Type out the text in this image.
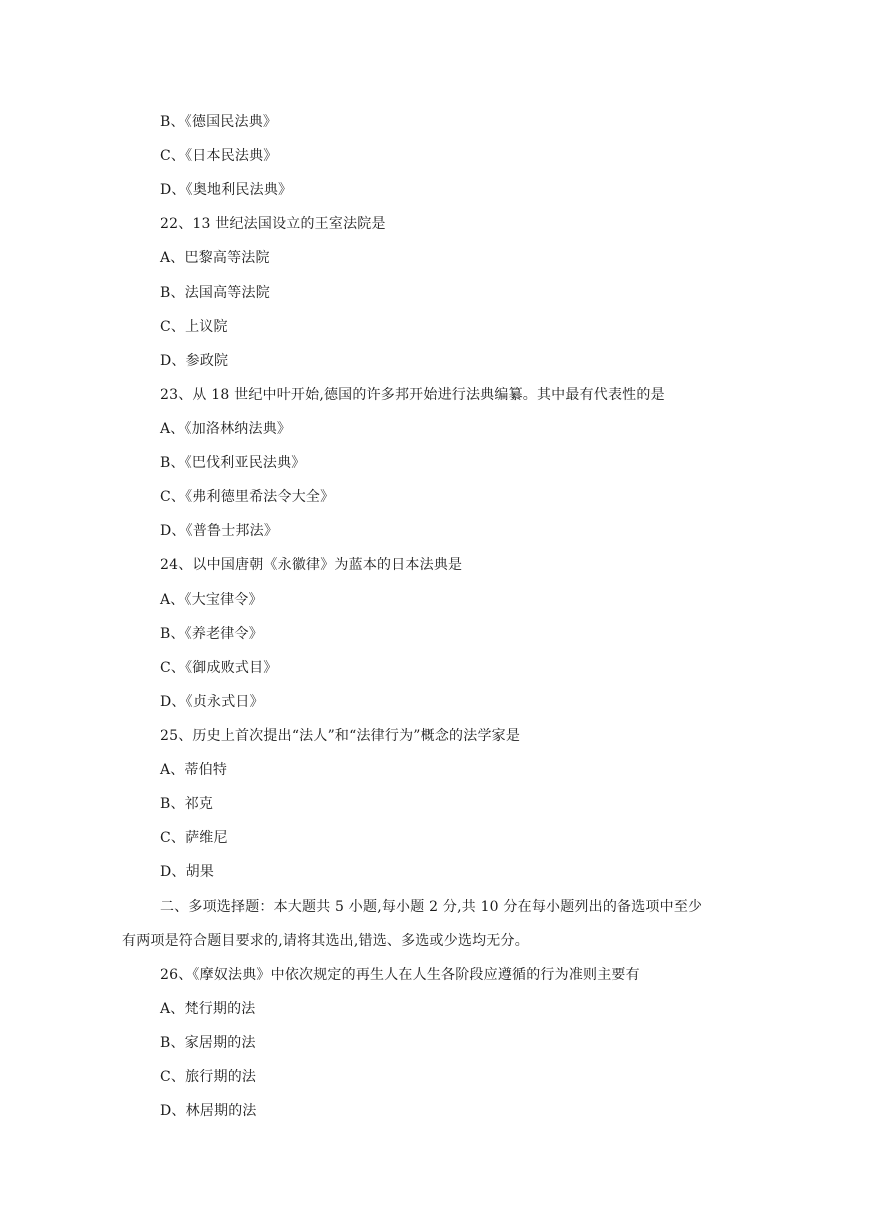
B、《德国民法典》
C、《日本民法典》
D、《奥地利民法典》
22、13 世纪法国设立的王室法院是
A、巴黎高等法院
B、法国高等法院
C、上议院
D、参政院
23、从 18 世纪中叶开始,德国的许多邦开始进行法典编纂。其中最有代表性的是
A、《加洛林纳法典》
B、《巴伐利亚民法典》
C、《弗利德里希法令大全》
D、《普鲁士邦法》
24、以中国唐朝《永徽律》为蓝本的日本法典是
A、《大宝律令》
B、《养老律令》
C、《御成败式目》
D、《贞永式日》
25、历史上首次提出“法人”和“法律行为”概念的法学家是
A、蒂伯特
B、祁克
C、萨维尼
D、胡果
二、多项选择题：本大题共 5 小题,每小题 2 分,共 10 分在每小题列出的备选项中至少
有两项是符合题目要求的,请将其选出,错选、多选或少选均无分。
26、《摩奴法典》中依次规定的再生人在人生各阶段应遵循的行为准则主要有
A、梵行期的法
B、家居期的法
C、旅行期的法
D、林居期的法
